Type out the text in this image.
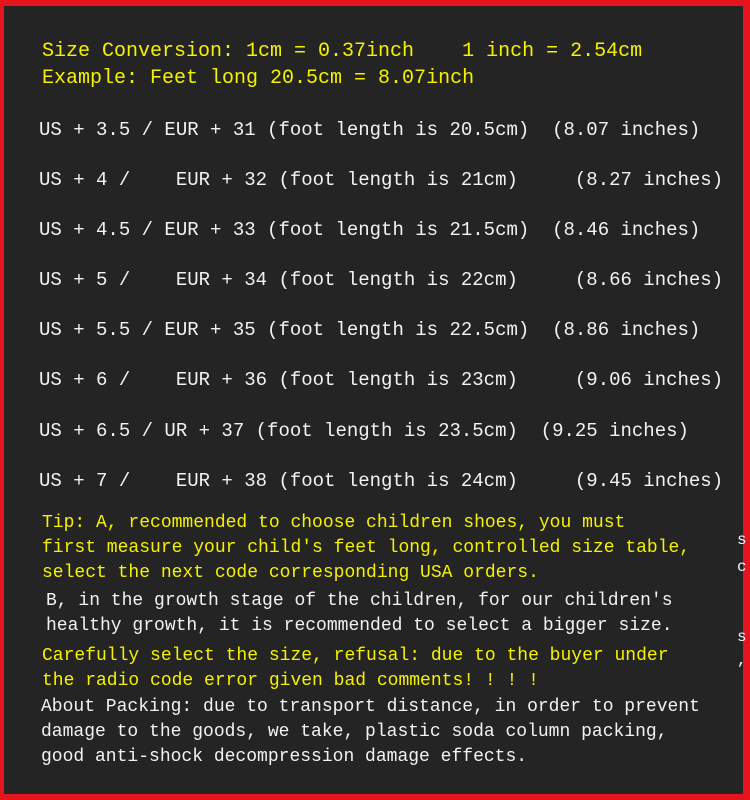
Size Conversion: 1cm = 0.37inch    1 inch = 2.54cm
Example: Feet long 20.5cm = 8.07inch
US + 3.5 / EUR + 31 (foot length is 20.5cm)  (8.07 inches)
US + 4 /    EUR + 32 (foot length is 21cm)     (8.27 inches)
US + 4.5 / EUR + 33 (foot length is 21.5cm)  (8.46 inches)
US + 5 /    EUR + 34 (foot length is 22cm)     (8.66 inches)
US + 5.5 / EUR + 35 (foot length is 22.5cm)  (8.86 inches)
US + 6 /    EUR + 36 (foot length is 23cm)     (9.06 inches)
US + 6.5 / UR + 37 (foot length is 23.5cm)  (9.25 inches)
US + 7 /    EUR + 38 (foot length is 24cm)     (9.45 inches)
Tip: A, recommended to choose children shoes, you must
first measure your child's feet long, controlled size table,
select the next code corresponding USA orders.
B, in the growth stage of the children, for our children's
healthy growth, it is recommended to select a bigger size.
Carefully select the size, refusal: due to the buyer under
the radio code error given bad comments! ! ! !
About Packing: due to transport distance, in order to prevent
damage to the goods, we take, plastic soda column packing,
good anti-shock decompression damage effects.
s
c
s
,
